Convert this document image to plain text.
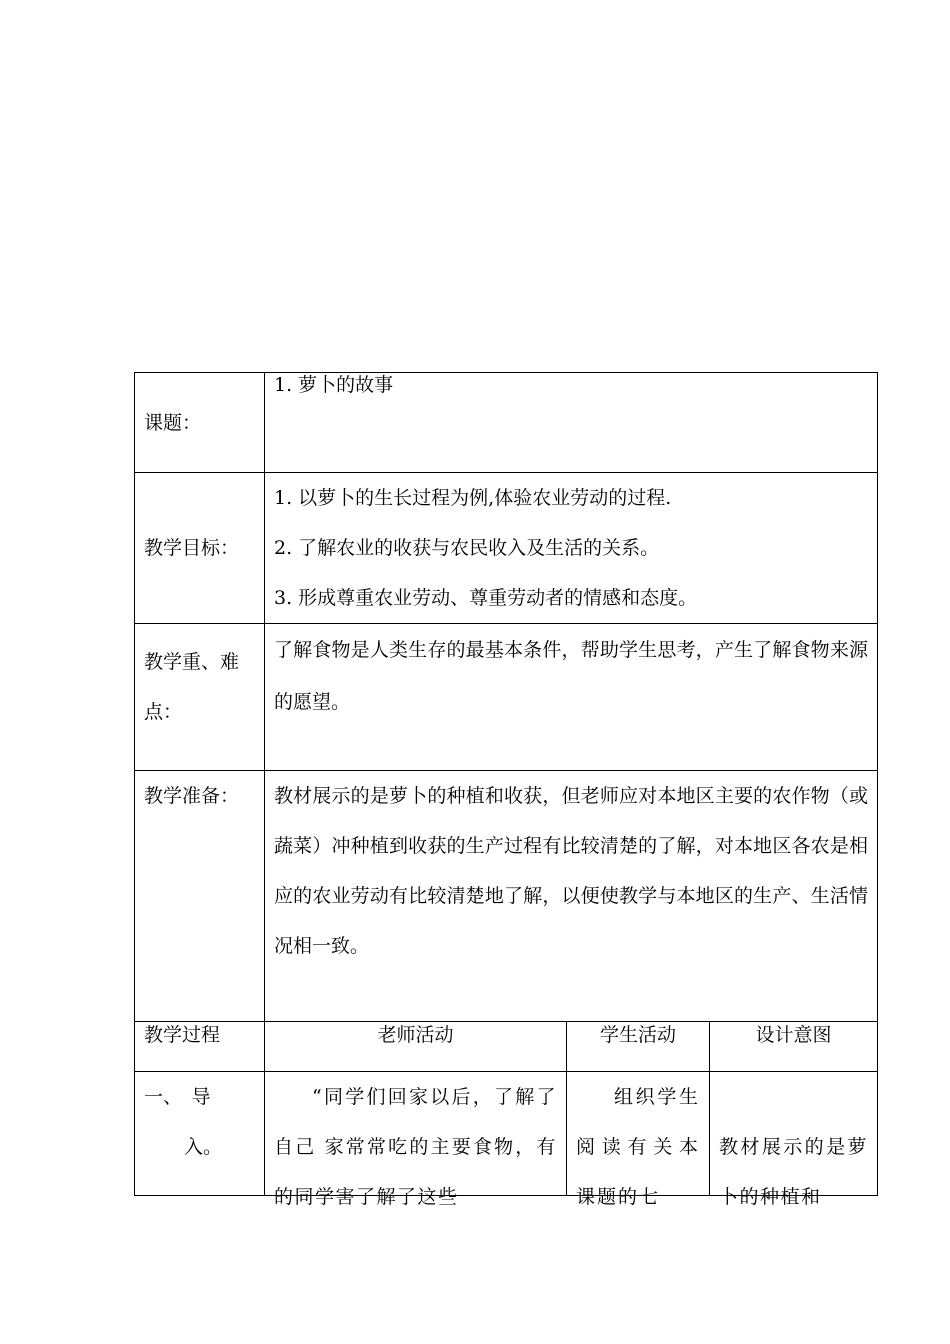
课题：	1. 萝卜的故事		
教学目标：	1. 以萝卜的生长过程为例,体验农业劳动的过程.
2. 了解农业的收获与农民收入及生活的关系。
3. 形成尊重农业劳动、尊重劳动者的情感和态度。		

教学重、难
点：	了解食物是人类生存的最基本条件，帮助学生思考，产生了解食物来源的愿望。		
教学准备：	教材展示的是萝卜的种植和收获，但老师应对本地区主要的农作物（或蔬菜）冲种植到收获的生产过程有比较清楚的了解，对本地区各农是相应的农业劳动有比较清楚地了解，以便使教学与本地区的生产、生活情况相一致。		
教学过程	老师活动	学生活动	设计意图

一、　导
入。	“同学们回家以后，了解了自己 家常常吃的主要食物，有的同学害了解了这些	组织学生阅读有关本课题的七	教材展示的是萝卜的种植和
